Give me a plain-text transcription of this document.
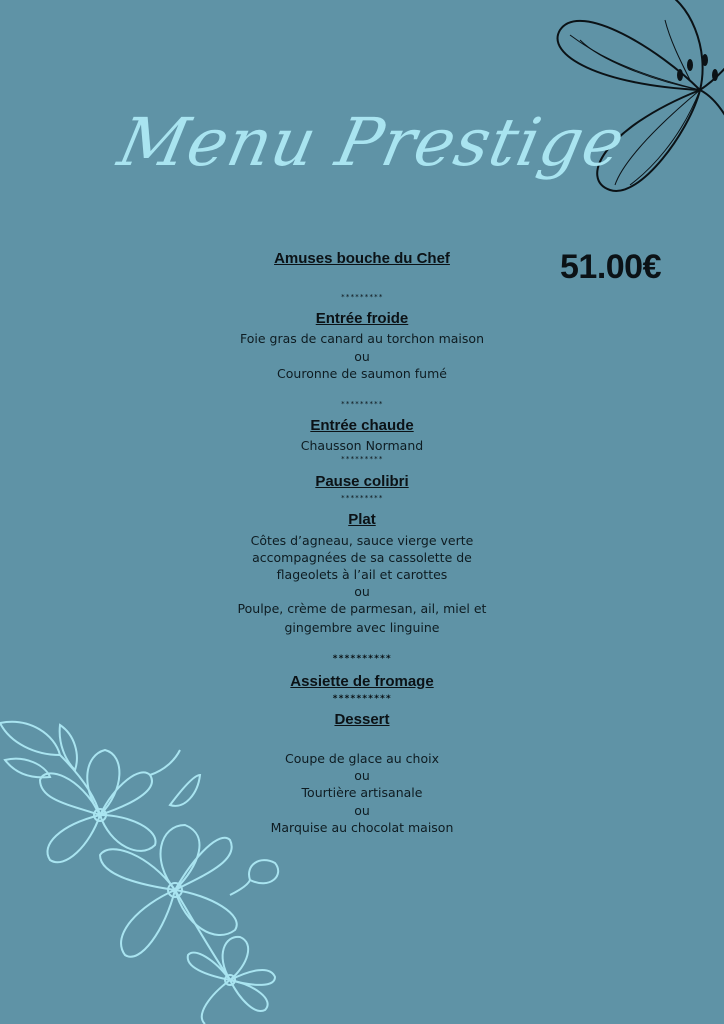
Menu Prestige
51.00€
Amuses bouche du Chef
*********
Entrée froide
Foie gras de canard au torchon maison
ou
Couronne de saumon fumé
*********
Entrée chaude
Chausson Normand
*********
Pause colibri
*********
Plat
Côtes d’agneau, sauce vierge verte
accompagnées de sa cassolette de
flageolets à l’ail et carottes
ou
Poulpe, crème de parmesan, ail, miel et
gingembre avec linguine
**********
Assiette de fromage
**********
Dessert
Coupe de glace au choix
ou
Tourtière artisanale
ou
Marquise au chocolat maison
